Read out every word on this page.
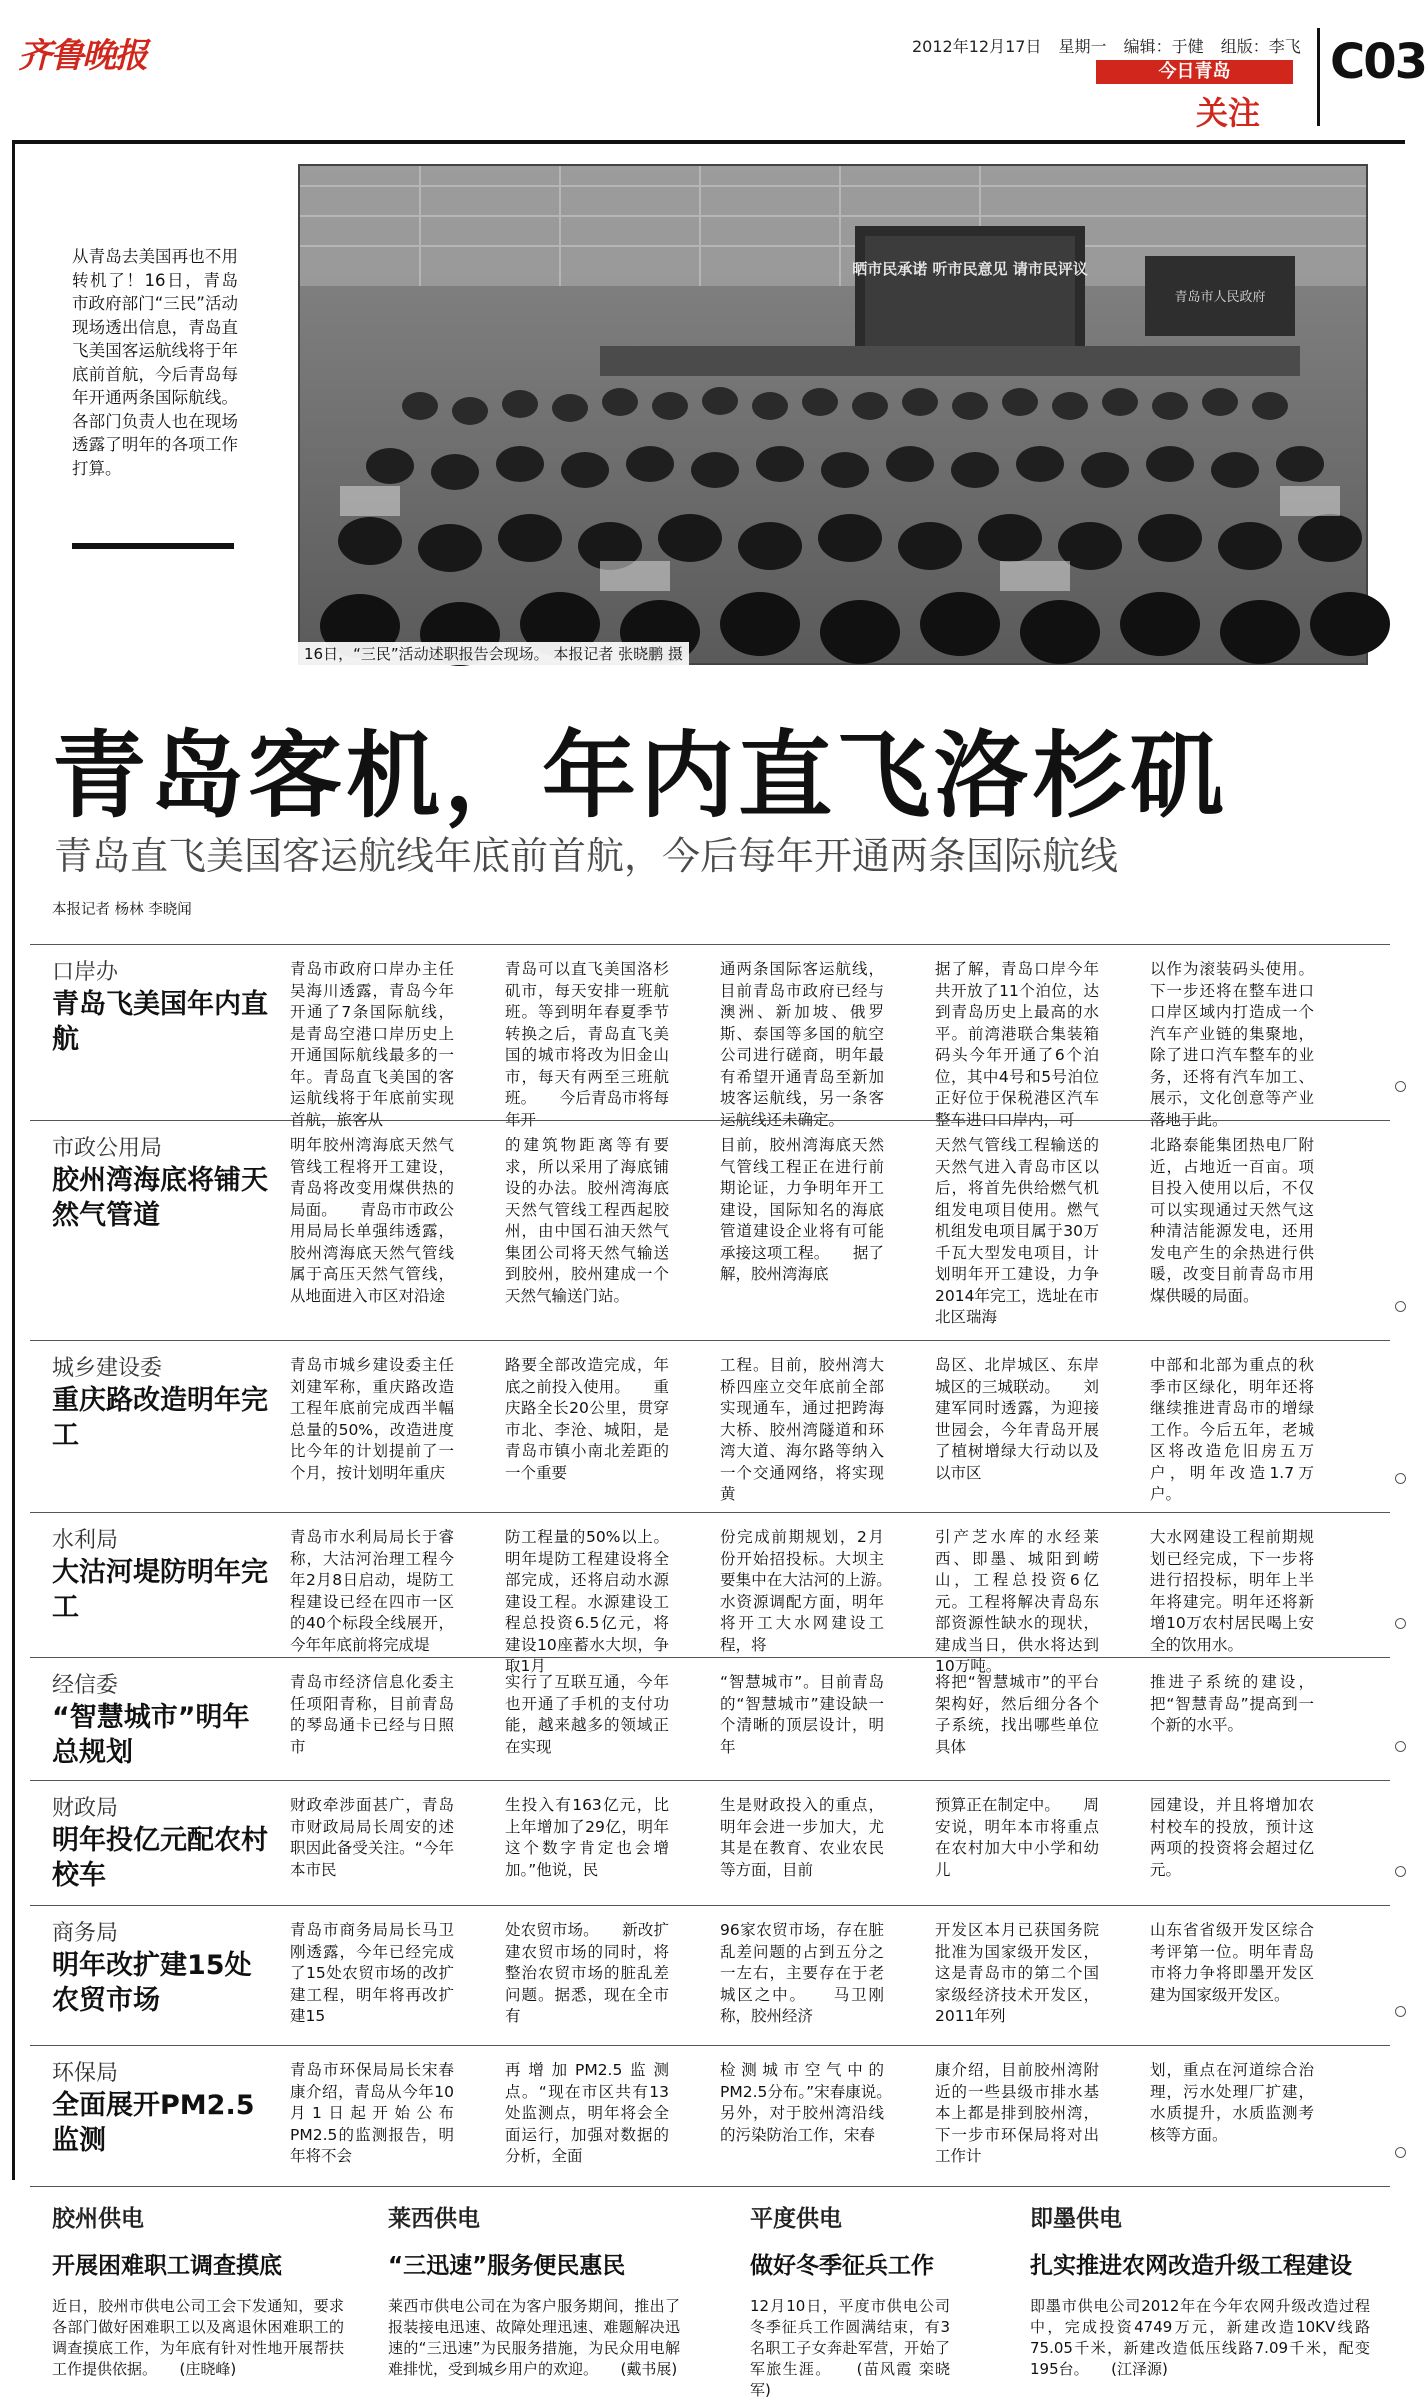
齐鲁晚报	2012年12月17日 星期一 编辑：于健 组版：李飞
今日青岛
关注
C03
从青岛去美国再也不用转机了！16日，青岛市政府部门“三民”活动现场透出信息，青岛直飞美国客运航线将于年底前首航，今后青岛每年开通两条国际航线。各部门负责人也在现场透露了明年的各项工作打算。
晒市民承诺 听市民意见 请市民评议
青岛市人民政府
16日，“三民”活动述职报告会现场。 本报记者 张晓鹏 摄
青岛客机，年内直飞洛杉矶
青岛直飞美国客运航线年底前首航，今后每年开通两条国际航线
本报记者 杨林 李晓闻
口岸办
青岛飞美国年内直航
青岛市政府口岸办主任吴海川透露，青岛今年开通了7条国际航线，是青岛空港口岸历史上开通国际航线最多的一年。青岛直飞美国的客运航线将于年底前实现首航，旅客从
青岛可以直飞美国洛杉矶市，每天安排一班航班。等到明年春夏季节转换之后，青岛直飞美国的城市将改为旧金山市，每天有两至三班航班。　　今后青岛市将每年开
通两条国际客运航线，目前青岛市政府已经与澳洲、新加坡、俄罗斯、泰国等多国的航空公司进行磋商，明年最有希望开通青岛至新加坡客运航线，另一条客运航线还未确定。
据了解，青岛口岸今年共开放了11个泊位，达到青岛历史上最高的水平。前湾港联合集装箱码头今年开通了6个泊位，其中4号和5号泊位正好位于保税港区汽车整车进口口岸内，可
以作为滚装码头使用。下一步还将在整车进口口岸区域内打造成一个汽车产业链的集聚地，除了进口汽车整车的业务，还将有汽车加工、展示，文化创意等产业落地于此。
市政公用局
胶州湾海底将铺天然气管道
明年胶州湾海底天然气管线工程将开工建设，青岛将改变用煤供热的局面。　　青岛市市政公用局局长单强纬透露，胶州湾海底天然气管线属于高压天然气管线，从地面进入市区对沿途
的建筑物距离等有要求，所以采用了海底铺设的办法。胶州湾海底天然气管线工程西起胶州，由中国石油天然气集团公司将天然气输送到胶州，胶州建成一个天然气输送门站。
目前，胶州湾海底天然气管线工程正在进行前期论证，力争明年开工建设，国际知名的海底管道建设企业将有可能承接这项工程。　　据了解，胶州湾海底
天然气管线工程输送的天然气进入青岛市区以后，将首先供给燃气机组发电项目使用。燃气机组发电项目属于30万千瓦大型发电项目，计划明年开工建设，力争2014年完工，选址在市北区瑞海
北路泰能集团热电厂附近，占地近一百亩。项目投入使用以后，不仅可以实现通过天然气这种清洁能源发电，还用发电产生的余热进行供暖，改变目前青岛市用煤供暖的局面。
城乡建设委
重庆路改造明年完工
青岛市城乡建设委主任刘建军称，重庆路改造工程年底前完成西半幅总量的50%，改造进度比今年的计划提前了一个月，按计划明年重庆
路要全部改造完成，年底之前投入使用。　　重庆路全长20公里，贯穿市北、李沧、城阳，是青岛市镇小南北差距的一个重要
工程。目前，胶州湾大桥四座立交年底前全部实现通车，通过把跨海大桥、胶州湾隧道和环湾大道、海尔路等纳入一个交通网络，将实现黄
岛区、北岸城区、东岸城区的三城联动。　　刘建军同时透露，为迎接世园会，今年青岛开展了植树增绿大行动以及以市区
中部和北部为重点的秋季市区绿化，明年还将继续推进青岛市的增绿工作。今后五年，老城区将改造危旧房五万户，明年改造1.7万户。
水利局
大沽河堤防明年完工
青岛市水利局局长于睿称，大沽河治理工程今年2月8日启动，堤防工程建设已经在四市一区的40个标段全线展开，今年年底前将完成堤
防工程量的50%以上。明年堤防工程建设将全部完成，还将启动水源建设工程。水源建设工程总投资6.5亿元，将建设10座蓄水大坝，争取1月
份完成前期规划，2月份开始招投标。大坝主要集中在大沽河的上游。　　水资源调配方面，明年将开工大水网建设工程，将
引产芝水库的水经莱西、即墨、城阳到崂山，工程总投资6亿元。工程将解决青岛东部资源性缺水的现状，建成当日，供水将达到10万吨。
大水网建设工程前期规划已经完成，下一步将进行招投标，明年上半年将建完。明年还将新增10万农村居民喝上安全的饮用水。
经信委
“智慧城市”明年总规划
青岛市经济信息化委主任项阳青称，目前青岛的琴岛通卡已经与日照市
实行了互联互通，今年也开通了手机的支付功能，越来越多的领域正在实现
“智慧城市”。目前青岛的“智慧城市”建设缺一个清晰的顶层设计，明年
将把“智慧城市”的平台架构好，然后细分各个子系统，找出哪些单位具体
推进子系统的建设，把“智慧青岛”提高到一个新的水平。
财政局
明年投亿元配农村校车
财政牵涉面甚广，青岛市财政局局长周安的述职因此备受关注。“今年本市民
生投入有163亿元，比上年增加了29亿，明年这个数字肯定也会增加。”他说，民
生是财政投入的重点，明年会进一步加大，尤其是在教育、农业农民等方面，目前
预算正在制定中。　　周安说，明年本市将重点在农村加大中小学和幼儿
园建设，并且将增加农村校车的投放，预计这两项的投资将会超过亿元。
商务局
明年改扩建15处农贸市场
青岛市商务局局长马卫刚透露，今年已经完成了15处农贸市场的改扩建工程，明年将再改扩建15
处农贸市场。　　新改扩建农贸市场的同时，将整治农贸市场的脏乱差问题。据悉，现在全市有
96家农贸市场，存在脏乱差问题的占到五分之一左右，主要存在于老城区之中。　　马卫刚称，胶州经济
开发区本月已获国务院批准为国家级开发区，这是青岛市的第二个国家级经济技术开发区，2011年列
山东省省级开发区综合考评第一位。明年青岛市将力争将即墨开发区建为国家级开发区。
环保局
全面展开PM2.5监测
青岛市环保局局长宋春康介绍，青岛从今年10月1日起开始公布PM2.5的监测报告，明年将不会
再增加PM2.5监测点。“现在市区共有13处监测点，明年将会全面运行，加强对数据的分析，全面
检测城市空气中的PM2.5分布。”宋春康说。　　另外，对于胶州湾沿线的污染防治工作，宋春
康介绍，目前胶州湾附近的一些县级市排水基本上都是排到胶州湾，下一步市环保局将对出工作计
划，重点在河道综合治理，污水处理厂扩建，水质提升，水质监测考核等方面。
胶州供电
开展困难职工调查摸底
近日，胶州市供电公司工会下发通知，要求各部门做好困难职工以及离退休困难职工的调查摸底工作，为年底有针对性地开展帮扶工作提供依据。　　(庄晓峰)
莱西供电
“三迅速”服务便民惠民
莱西市供电公司在为客户服务期间，推出了报装接电迅速、故障处理迅速、难题解决迅速的“三迅速”为民服务措施，为民众用电解难排忧，受到城乡用户的欢迎。　　(戴书展)
平度供电
做好冬季征兵工作
12月10日，平度市供电公司冬季征兵工作圆满结束，有3名职工子女奔赴军营，开始了军旅生涯。　　(苗风霞 栾晓军)
即墨供电
扎实推进农网改造升级工程建设
即墨市供电公司2012年在今年农网升级改造过程中，完成投资4749万元，新建改造10KV线路75.05千米，新建改造低压线路7.09千米，配变195台。　　(江泽源)
